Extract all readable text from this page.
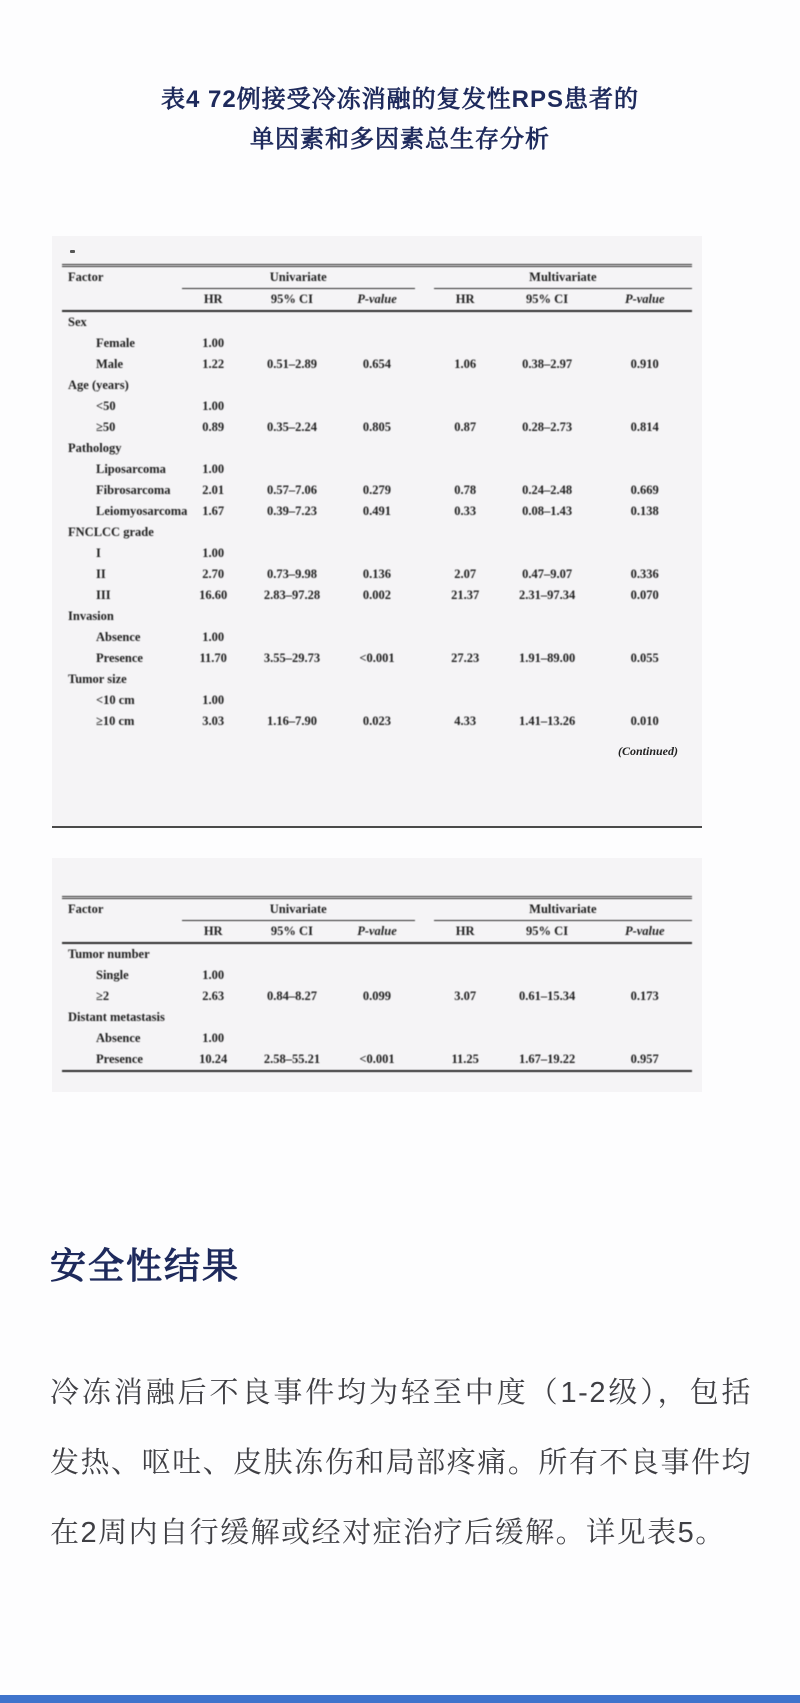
表4 72例接受冷冻消融的复发性RPS患者的
单因素和多因素总生存分析
Factor	Univariate				Multivariate		
	HR	95% CI	P-value		HR	95% CI	P-value
Sex							
Female	1.00						
Male	1.22	0.51–2.89	0.654		1.06	0.38–2.97	0.910
Age (years)							
<50	1.00						
≥50	0.89	0.35–2.24	0.805		0.87	0.28–2.73	0.814
Pathology							
Liposarcoma	1.00						
Fibrosarcoma	2.01	0.57–7.06	0.279		0.78	0.24–2.48	0.669
Leiomyosarcoma	1.67	0.39–7.23	0.491		0.33	0.08–1.43	0.138
FNCLCC grade							
I	1.00						
II	2.70	0.73–9.98	0.136		2.07	0.47–9.07	0.336
III	16.60	2.83–97.28	0.002		21.37	2.31–97.34	0.070
Invasion							
Absence	1.00						
Presence	11.70	3.55–29.73	<0.001		27.23	1.91–89.00	0.055
Tumor size							
<10 cm	1.00						
≥10 cm	3.03	1.16–7.90	0.023		4.33	1.41–13.26	0.010
(Continued)
Factor	Univariate				Multivariate		
	HR	95% CI	P-value		HR	95% CI	P-value
Tumor number							
Single	1.00						
≥2	2.63	0.84–8.27	0.099		3.07	0.61–15.34	0.173
Distant metastasis							
Absence	1.00						
Presence	10.24	2.58–55.21	<0.001		11.25	1.67–19.22	0.957
安全性结果
冷冻消融后不良事件均为轻至中度（1-2级），包括发热、呕吐、皮肤冻伤和局部疼痛。所有不良事件均在2周内自行缓解或经对症治疗后缓解。详见表5。
